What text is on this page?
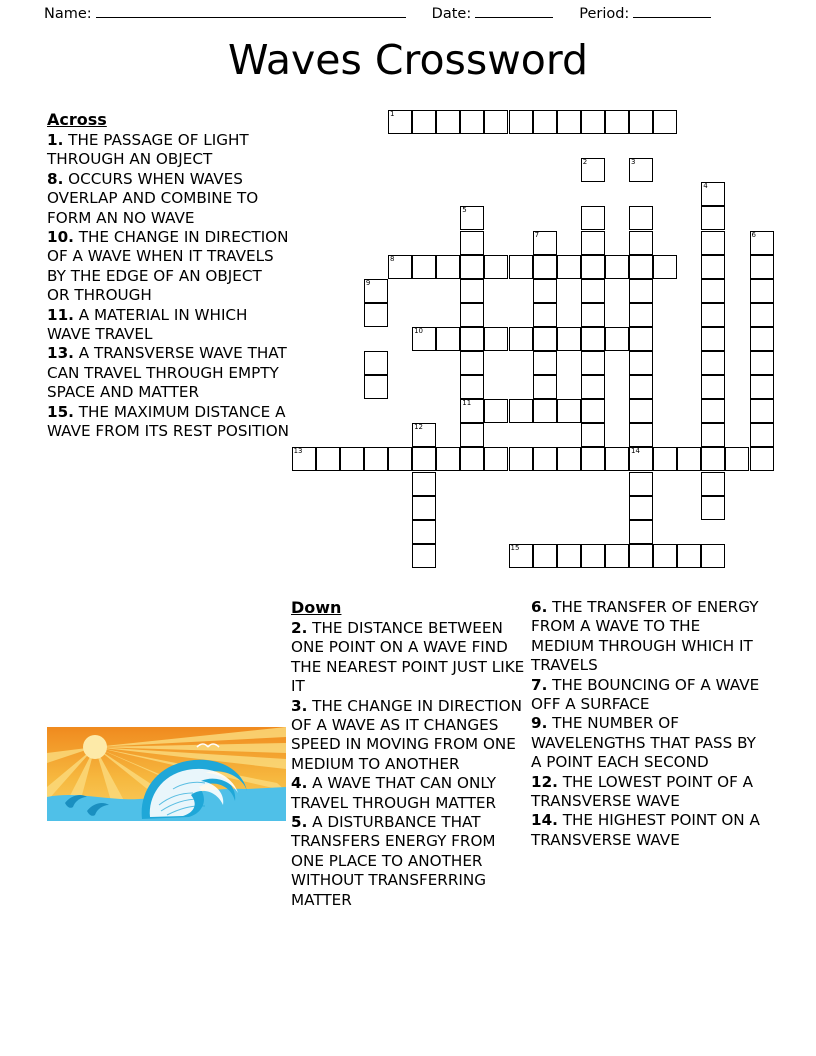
Name:	Date:	Period:
Waves Crossword
1
2	3
4
5
7	6
8
9
10
11
12
13	14
15
Across
1. THE PASSAGE OF LIGHT THROUGH AN OBJECT
8. OCCURS WHEN WAVES OVERLAP AND COMBINE TO FORM AN NO WAVE
10. THE CHANGE IN DIRECTION OF A WAVE WHEN IT TRAVELS BY THE EDGE OF AN OBJECT OR THROUGH
11. A MATERIAL IN WHICH WAVE TRAVEL
13. A TRANSVERSE WAVE THAT CAN TRAVEL THROUGH EMPTY SPACE AND MATTER
15. THE MAXIMUM DISTANCE A WAVE FROM ITS REST POSITION
Down
2. THE DISTANCE BETWEEN ONE POINT ON A WAVE FIND THE NEAREST POINT JUST LIKE IT
3. THE CHANGE IN DIRECTION OF A WAVE AS IT CHANGES SPEED IN MOVING FROM ONE MEDIUM TO ANOTHER
4. A WAVE THAT CAN ONLY TRAVEL THROUGH MATTER
5. A DISTURBANCE THAT TRANSFERS ENERGY FROM ONE PLACE TO ANOTHER WITHOUT TRANSFERRING MATTER
6. THE TRANSFER OF ENERGY FROM A WAVE TO THE MEDIUM THROUGH WHICH IT TRAVELS
7. THE BOUNCING OF A WAVE OFF A SURFACE
9. THE NUMBER OF WAVELENGTHS THAT PASS BY A POINT EACH SECOND
12. THE LOWEST POINT OF A TRANSVERSE WAVE
14. THE HIGHEST POINT ON A TRANSVERSE WAVE
